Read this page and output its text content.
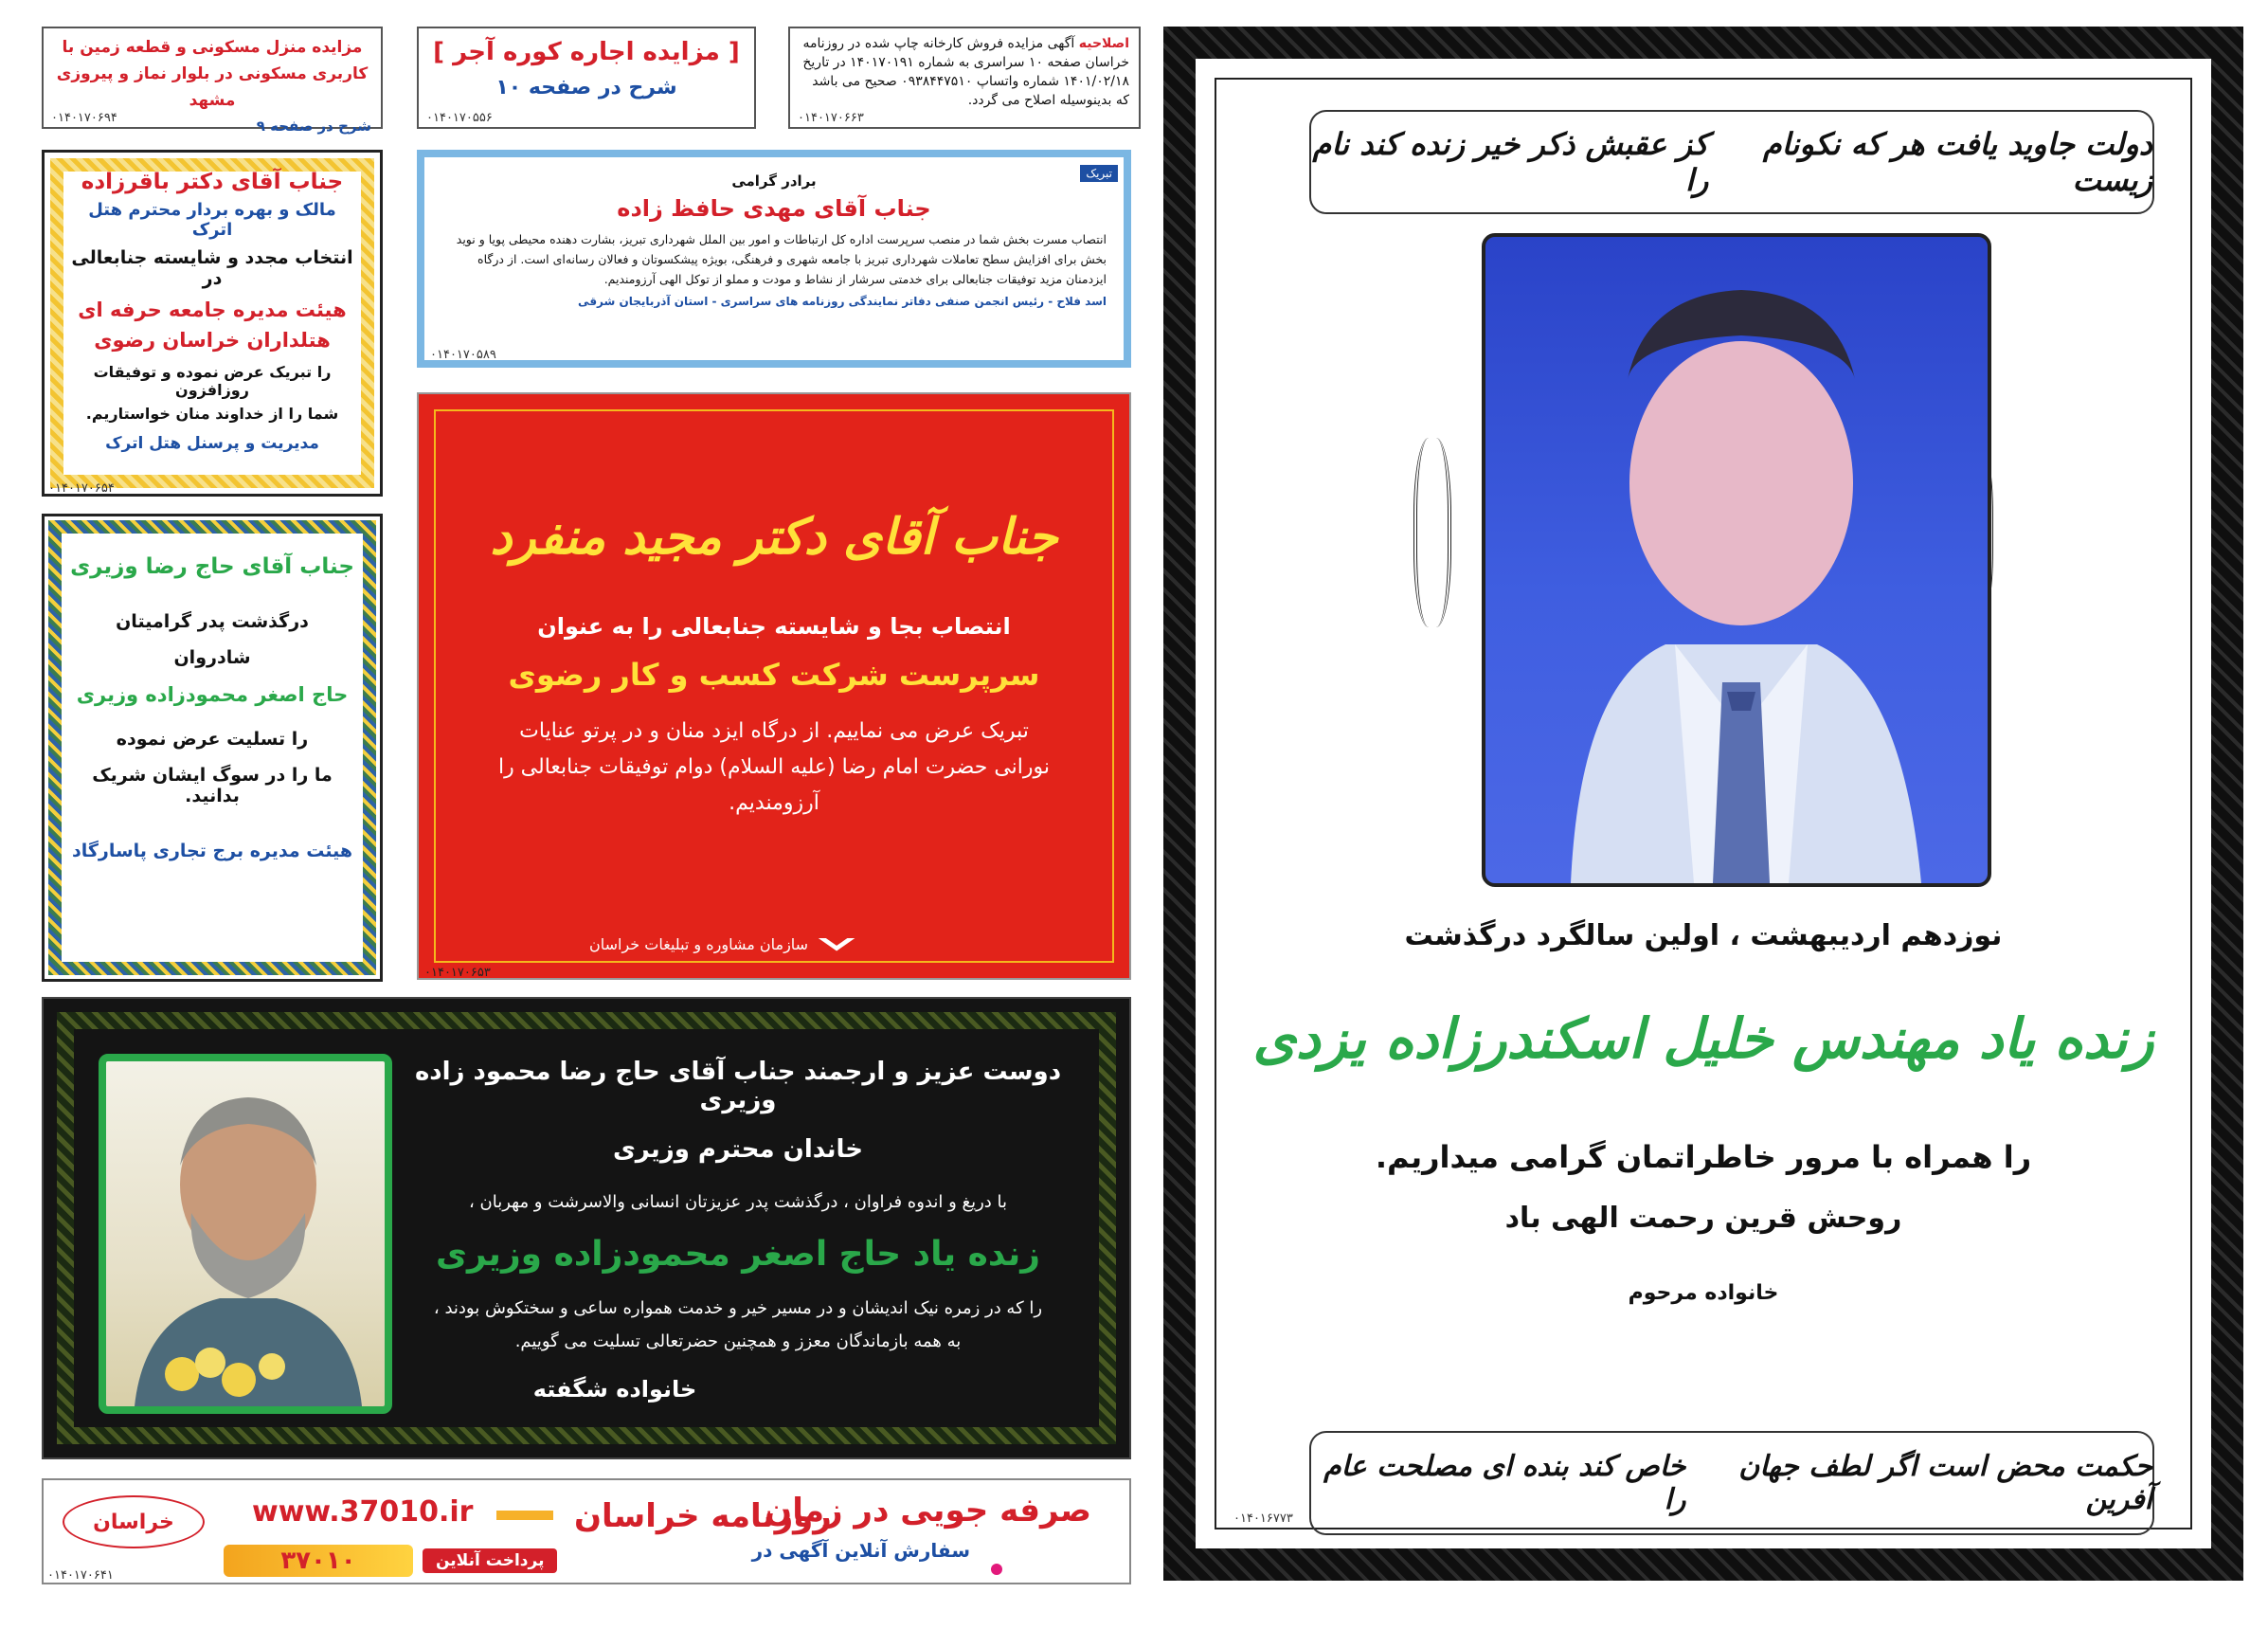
اصلاحیه آگهی مزایده فروش کارخانه چاپ شده در روزنامه خراسان صفحه ۱۰ سراسری به شماره ۱۴۰۱۷۰۱۹۱ در تاریخ ۱۴۰۱/۰۲/۱۸ شماره واتساپ ۰۹۳۸۴۴۷۵۱۰ صحیح می باشد که بدینوسیله اصلاح می گردد.
۰۱۴۰۱۷۰۶۶۳
[ مزایده اجاره کوره آجر ]
شرح در صفحه ۱۰
۰۱۴۰۱۷۰۵۵۶
مزایده منزل مسکونی و قطعه زمین با کاربری مسکونی در بلوار نماز و پیروزی مشهد
شرح در صفحه ۹
۰۱۴۰۱۷۰۶۹۴
تبریک
برادر گرامی
جناب آقای مهدی حافظ زاده
انتصاب مسرت بخش شما در منصب سرپرست اداره کل ارتباطات و امور بین الملل شهرداری تبریز، بشارت دهنده محیطی پویا و نوید بخش برای افزایش سطح تعاملات شهرداری تبریز با جامعه شهری و فرهنگی، بویژه پیشکسوتان و فعالان رسانه‌ای است. از درگاه ایزدمنان مزید توفیقات جنابعالی برای خدمتی سرشار از نشاط و مودت و مملو از توکل الهی آرزومندیم.
اسد فلاح - رئیس انجمن صنفی دفاتر نمایندگی روزنامه های سراسری - استان آذربایجان شرقی
۰۱۴۰۱۷۰۵۸۹
جناب آقای دکتر باقرزاده
مالک و بهره بردار محترم هتل اترک
انتخاب مجدد و شایسته جنابعالی در
هیئت مدیره جامعه حرفه ای
هتلداران خراسان رضوی
را تبریک عرض نموده و توفیقات روزافزون
شما را از خداوند منان خواستاریم.
مدیریت و پرسنل هتل اترک
۰۱۴۰۱۷۰۶۵۴
جناب آقای دکتر مجید منفرد
انتصاب بجا و شایسته جنابعالی را به عنوان
سرپرست شرکت کسب و کار رضوی
تبریک عرض می نماییم. از درگاه ایزد منان و در پرتو عنایات
نورانی حضرت امام رضا (علیه السلام) دوام توفیقات جنابعالی را
آرزومندیم.
سازمان مشاوره و تبلیغات خراسان
۰۱۴۰۱۷۰۶۵۳
جناب آقای حاج رضا وزیری
درگذشت پدر گرامیتان
شادروان
حاج اصغر محمودزاده وزیری
را تسلیت عرض نموده
ما را در سوگ ایشان شریک بدانید.
هیئت مدیره برج تجاری پاسارگاد
دوست عزیز و ارجمند جناب آقای حاج رضا محمود زاده وزیری
خاندان محترم وزیری
با دریغ و اندوه فراوان ، درگذشت پدر عزیزتان انسانی والاسرشت و مهربان ،
زنده یاد حاج اصغر محمودزاده وزیری
را که در زمره نیک اندیشان و در مسیر خیر و خدمت همواره ساعی و سختکوش بودند ،
به همه بازماندگان معزز و همچنین حضرتعالی تسلیت می گوییم.
خانواده شگفته
خراسان	www.37010.ir	روزنامه خراسان
صرفه جویی در زمان
سفارش آنلاین آگهی در
۳۷۰۱۰	پرداخت آنلاین
۰۱۴۰۱۷۰۶۴۱
دولت جاوید یافت هر که نکونام زیست
کز عقبش ذکر خیر زنده کند نام را
نوزدهم اردیبهشت ، اولین سالگرد درگذشت
زنده یاد مهندس خلیل اسکندرزاده یزدی
را همراه با مرور خاطراتمان گرامی میداریم.
روحش قرین رحمت الهی باد
خانواده مرحوم
حکمت محض است اگر لطف جهان آفرین
خاص کند بنده ای مصلحت عام را
۰۱۴۰۱۶۷۷۳
